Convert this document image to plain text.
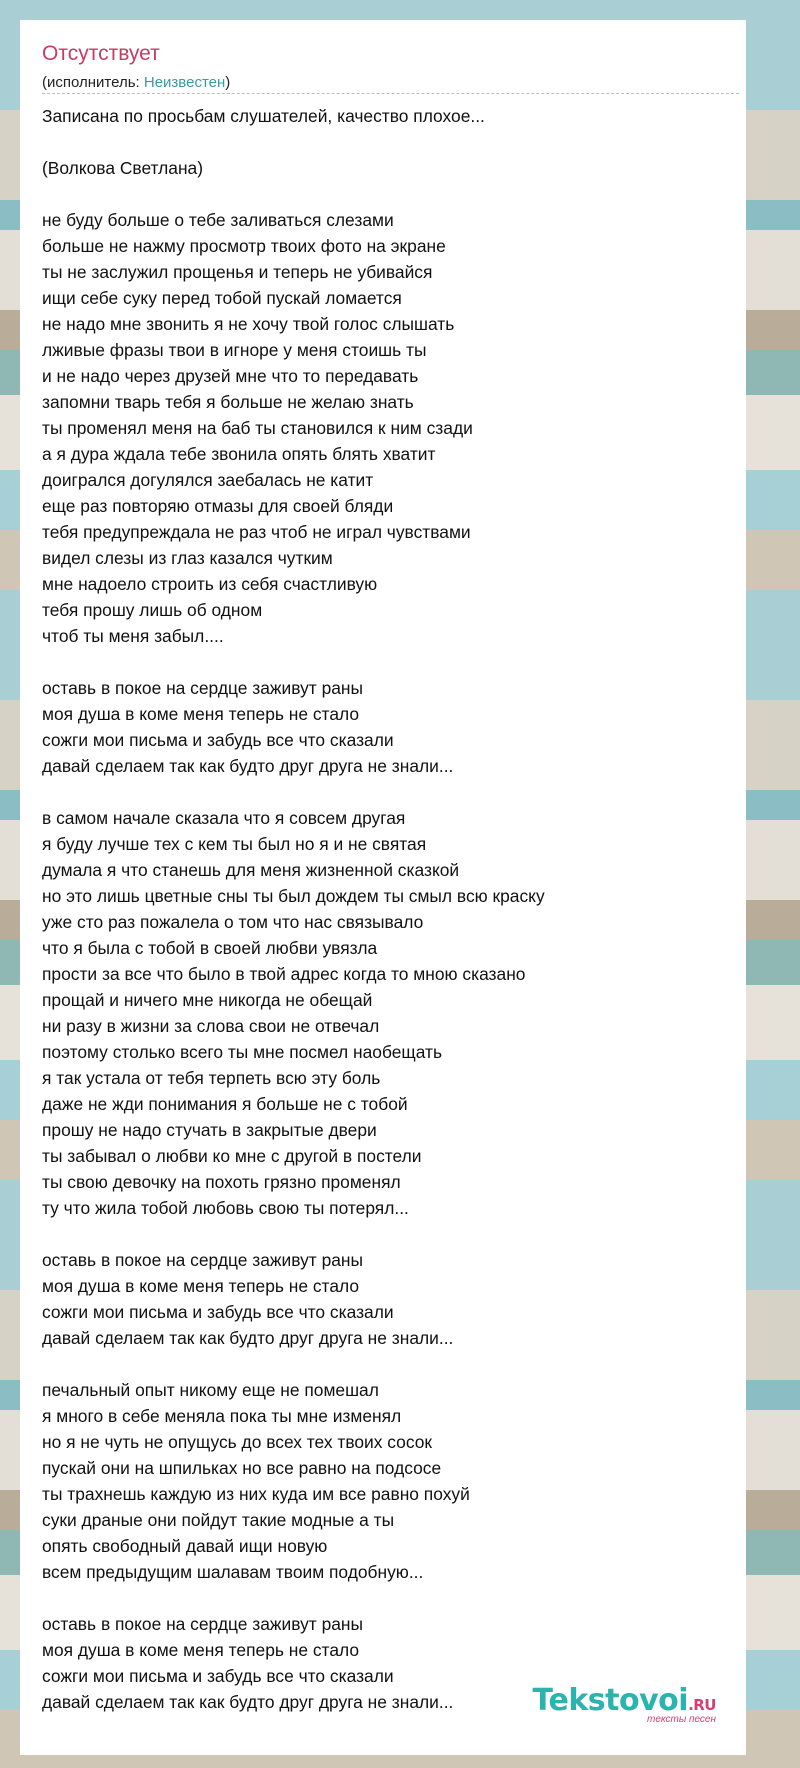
Отсутствует
(исполнитель: Неизвестен)
Записана по просьбам слушателей, качество плохое...
(Волкова Светлана)
не буду больше о тебе заливаться слезами
больше не нажму просмотр твоих фото на экране
ты не заслужил прощенья и теперь не убивайся
ищи себе суку перед тобой пускай ломается
не надо мне звонить я не хочу твой голос слышать
лживые фразы твои в игноре у меня стоишь ты
и не надо через друзей мне что то передавать
запомни тварь тебя я больше не желаю знать
ты променял меня на баб ты становился к ним сзади
а я дура ждала тебе звонила опять блять хватит
доигрался догулялся заебалась не катит
еще раз повторяю отмазы для своей бляди
тебя предупреждала не раз чтоб не играл чувствами
видел слезы из глаз казался чутким
мне надоело строить из себя счастливую
тебя прошу лишь об одном
чтоб ты меня забыл....
оставь в покое на сердце заживут раны
моя душа в коме меня теперь не стало
сожги мои письма и забудь все что сказали
давай сделаем так как будто друг друга не знали...
в самом начале сказала что я совсем другая
я буду лучше тех с кем ты был но я и не святая
думала я что станешь для меня жизненной сказкой
но это лишь цветные сны ты был дождем ты смыл всю краску
уже сто раз пожалела о том что нас связывало
что я была с тобой в своей любви увязла
прости за все что было в твой адрес когда то мною сказано
прощай и ничего мне никогда не обещай
ни разу в жизни за слова свои не отвечал
поэтому столько всего ты мне посмел наобещать
я так устала от тебя терпеть всю эту боль
даже не жди понимания я больше не с тобой
прошу не надо стучать в закрытые двери
ты забывал о любви ко мне с другой в постели
ты свою девочку на похоть грязно променял
ту что жила тобой любовь свою ты потерял...
оставь в покое на сердце заживут раны
моя душа в коме меня теперь не стало
сожги мои письма и забудь все что сказали
давай сделаем так как будто друг друга не знали...
печальный опыт никому еще не помешал
я много в себе меняла пока ты мне изменял
но я не чуть не опущусь до всех тех твоих сосок
пускай они на шпильках но все равно на подсосе
ты трахнешь каждую из них куда им все равно похуй
суки драные они пойдут такие модные а ты
опять свободный давай ищи новую
всем предыдущим шалавам твоим подобную...
оставь в покое на сердце заживут раны
моя душа в коме меня теперь не стало
сожги мои письма и забудь все что сказали
давай сделаем так как будто друг друга не знали...	Tekstovoi.RU
тексты песен
